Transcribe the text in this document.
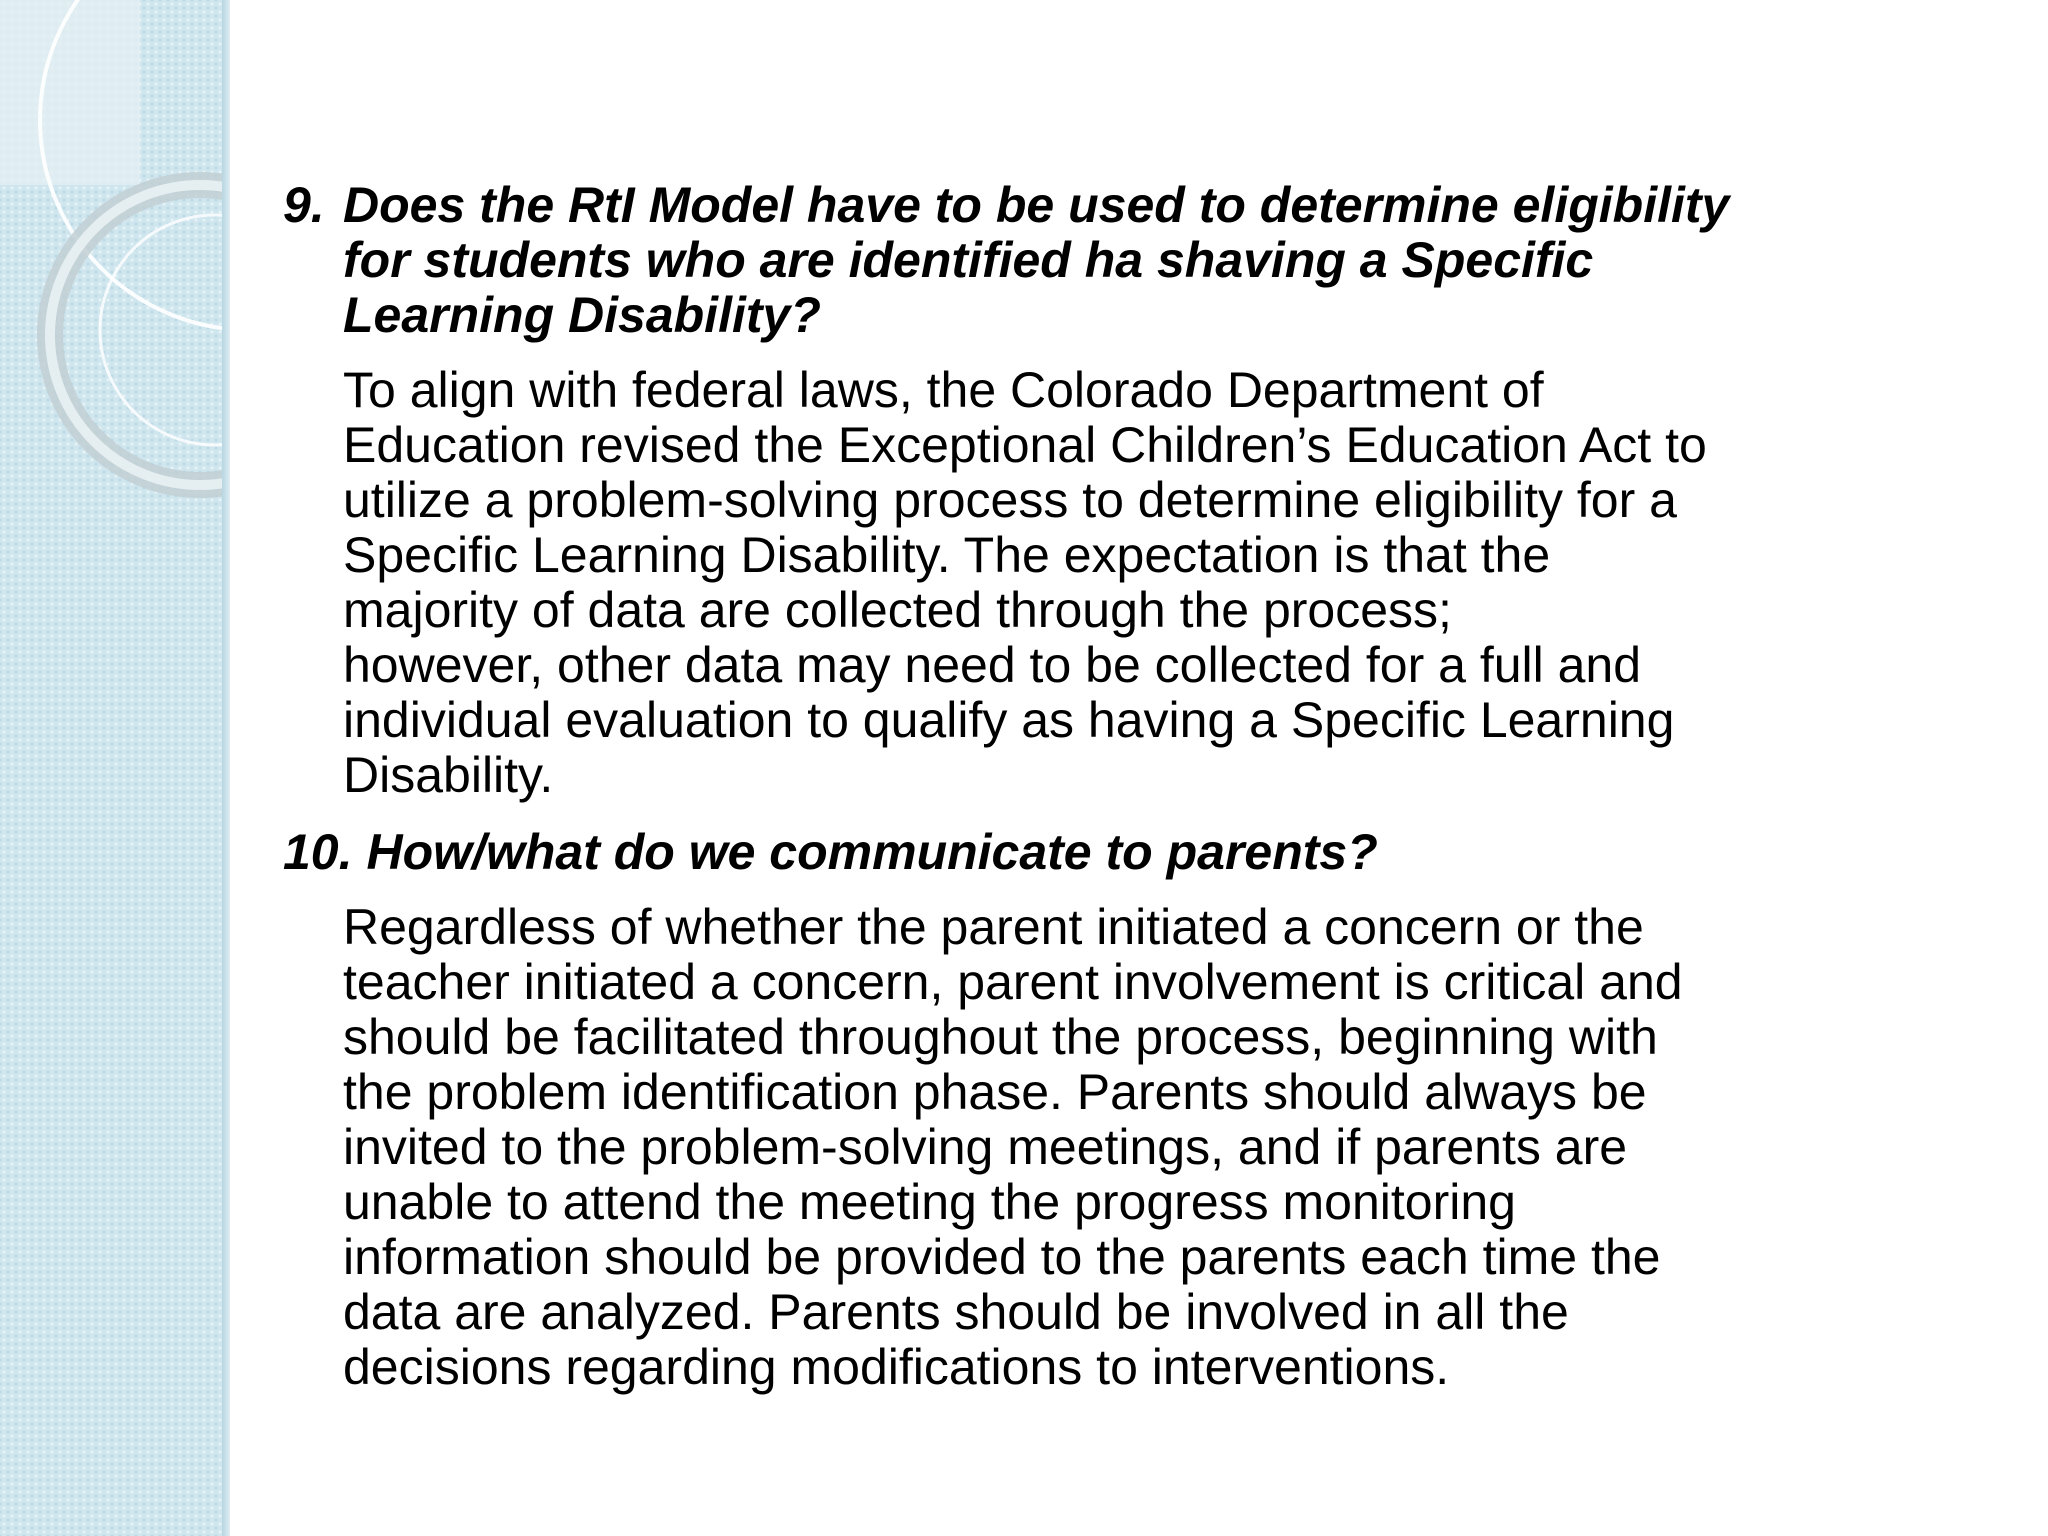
9. Does the RtI Model have to be used to determine eligibility
for students who are identified ha shaving a Specific
Learning Disability?
To align with federal laws, the Colorado Department of
Education revised the Exceptional Children’s Education Act to
utilize a problem-solving process to determine eligibility for a
Specific Learning Disability. The expectation is that the
majority of data are collected through the process;
however, other data may need to be collected for a full and
individual evaluation to qualify as having a Specific Learning
Disability.
10. How/what do we communicate to parents?
Regardless of whether the parent initiated a concern or the
teacher initiated a concern, parent involvement is critical and
should be facilitated throughout the process, beginning with
the problem identification phase. Parents should always be
invited to the problem-solving meetings, and if parents are
unable to attend the meeting the progress monitoring
information should be provided to the parents each time the
data are analyzed. Parents should be involved in all the
decisions regarding modifications to interventions.
